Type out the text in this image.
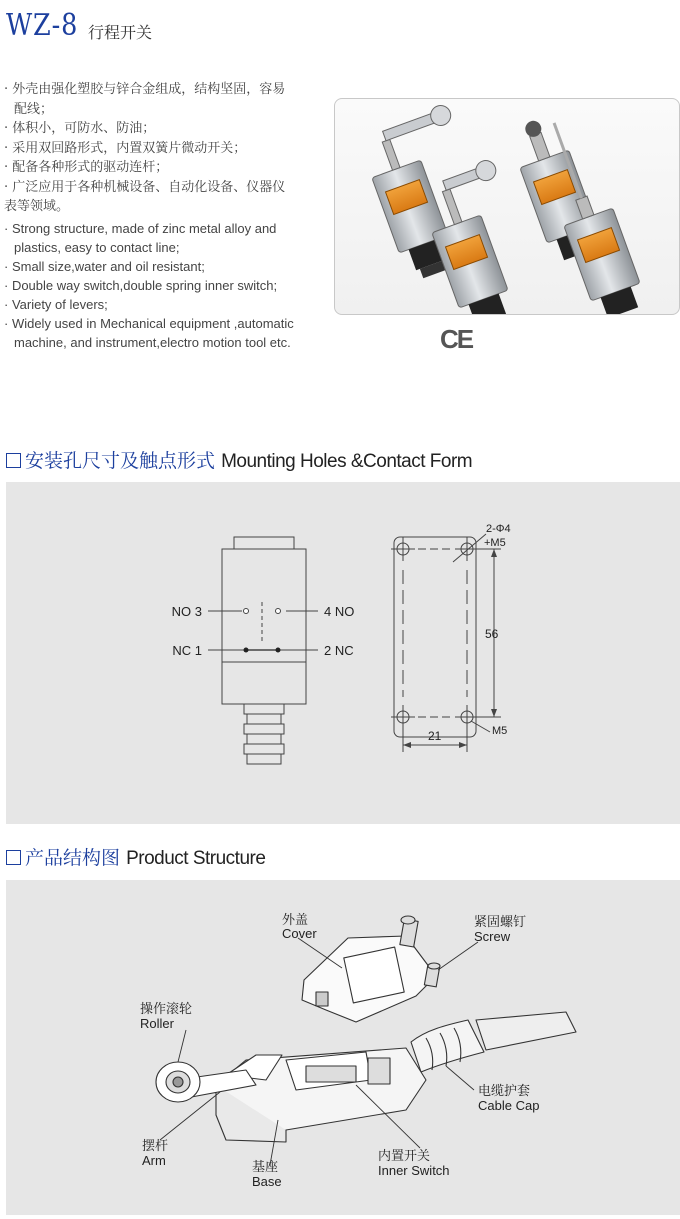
WZ-8 行程开关
· 外壳由强化塑胶与锌合金组成，结构坚固，容易
配线；
· 体积小，可防水、防油；
· 采用双回路形式，内置双簧片微动开关；
· 配备各种形式的驱动连杆；
· 广泛应用于各种机械设备、自动化设备、仪器仪
表等领域。
· Strong structure, made of zinc metal alloy and
plastics, easy to contact line;
· Small size,water and oil resistant;
· Double way switch,double spring inner switch;
· Variety of levers;
· Widely used in Mechanical equipment ,automatic
machine, and instrument,electro motion tool etc.	CE
安装孔尺寸及触点形式 Mounting Holes &Contact Form
NO 3	4 NO
NC 1	2 NC
2-Φ4
+M5
56
21	M5
产品结构图 Product Structure
外盖
Cover
紧固螺钉
Screw
操作滚轮
Roller
电缆护套
Cable Cap
摆杆
Arm	基座
Base
内置开关
Inner Switch
